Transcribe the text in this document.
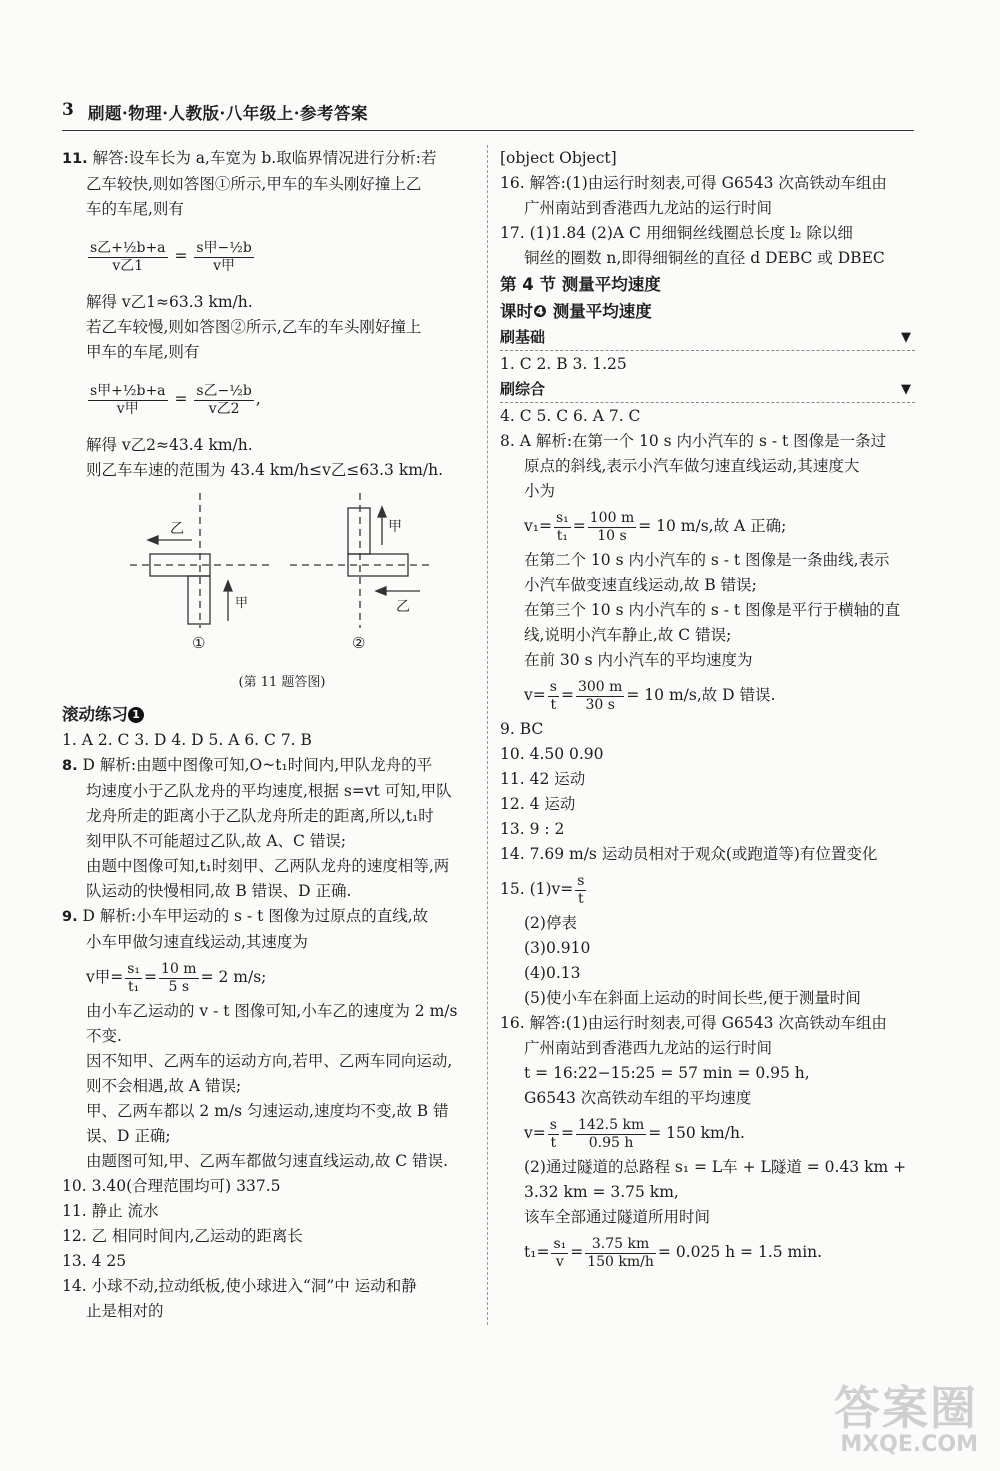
3 刷题·物理·人教版·八年级上·参考答案
11. 解答:设车长为 a,车宽为 b.取临界情况进行分析:若
乙车较快,则如答图①所示,甲车的车头刚好撞上乙
车的车尾,则有
$\frac{\text{s乙+½b+a}}{\text{v乙1}} = \frac{\text{s甲−½b}}{\text{v甲}}$
解得 v乙1≈63.3 km/h.
若乙车较慢,则如答图②所示,乙车的车头刚好撞上
甲车的车尾,则有
$\frac{\text{s甲+½b+a}}{\text{v甲}} = \frac{\text{s乙−½b}}{\text{v乙2}}$ ,
解得 v乙2≈43.4 km/h.
则乙车车速的范围为 43.4 km/h≤v乙≤63.3 km/h.
乙
甲
甲
乙
①	②
(第 11 题答图)
滚动练习 1
1. A 2. C 3. D 4. D 5. A 6. C 7. B
8. D 解析:由题中图像可知,O~t₁时间内,甲队龙舟的平
均速度小于乙队龙舟的平均速度,根据 s=vt 可知,甲队
龙舟所走的距离小于乙队龙舟所走的距离,所以,t₁时
刻甲队不可能超过乙队,故 A、C 错误;
由题中图像可知,t₁时刻甲、乙两队龙舟的速度相等,两
队运动的快慢相同,故 B 错误、D 正确.
9. D 解析:小车甲运动的 s - t 图像为过原点的直线,故
小车甲做匀速直线运动,其速度为
v甲= $\frac{\text{s₁}}{\text{t₁}} = \frac{10 m}{5 s} = 2$ m/s;
由小车乙运动的 v - t 图像可知,小车乙的速度为 2 m/s
不变.
因不知甲、乙两车的运动方向,若甲、乙两车同向运动,
则不会相遇,故 A 错误;
甲、乙两车都以 2 m/s 匀速运动,速度均不变,故 B 错
误、D 正确;
由题图可知,甲、乙两车都做匀速直线运动,故 C 错误.
10. 3.40(合理范围均可) 337.5
11. 静止 流水
12. 乙 相同时间内,乙运动的距离长
13. 4 25
14. 小球不动,拉动纸板,使小球进入“洞”中 运动和静
止是相对的
[object Object]
16. 解答:(1)由运行时刻表,可得 G6543 次高铁动车组由
广州南站到香港西九龙站的运行时间
17. (1)1.84 (2)A C 用细铜丝线圈总长度 l₂ 除以细
铜丝的圈数 n,即得细铜丝的直径 d DEBC 或 DBEC
第 4 节 测量平均速度
课时❹ 测量平均速度
刷基础 ▼
1. C 2. B 3. 1.25
刷综合 ▼
4. C 5. C 6. A 7. C
8. A 解析:在第一个 10 s 内小汽车的 s - t 图像是一条过
原点的斜线,表示小汽车做匀速直线运动,其速度大
小为
$v_1= \frac{\text{s₁}}{\text{t₁}} = \frac{100 m}{10 s} = 10$ m/s,故 A 正确;
在第二个 10 s 内小汽车的 s - t 图像是一条曲线,表示
小汽车做变速直线运动,故 B 错误;
在第三个 10 s 内小汽车的 s - t 图像是平行于横轴的直
线,说明小汽车静止,故 C 错误;
在前 30 s 内小汽车的平均速度为
$v= \frac{s}{t} = \frac{300 m}{30 s} = 10$ m/s,故 D 错误.
9. BC
10. 4.50 0.90
11. 42 运动
12. 4 运动
13. 9 : 2
14. 7.69 m/s 运动员相对于观众(或跑道等)有位置变化
15. $(1)v= \frac{s}{t}$
(2)停表
(3)0.910
(4)0.13
(5)使小车在斜面上运动的时间长些,便于测量时间
16. 解答:(1)由运行时刻表,可得 G6543 次高铁动车组由
广州南站到香港西九龙站的运行时间
t = 16:22−15:25 = 57 min = 0.95 h,
G6543 次高铁动车组的平均速度
$v= \frac{s}{t} = \frac{142.5 km}{0.95 h} = 150$ km/h.
(2)通过隧道的总路程 s₁ = L车 + L隧道 = 0.43 km +
3.32 km = 3.75 km,
该车全部通过隧道所用时间
$t_1= \frac{\text{s₁}}{v} = \frac{3.75 km}{150 km/h} = 0.025$ h = 1.5 min.
答案圈
MXQE.COM
